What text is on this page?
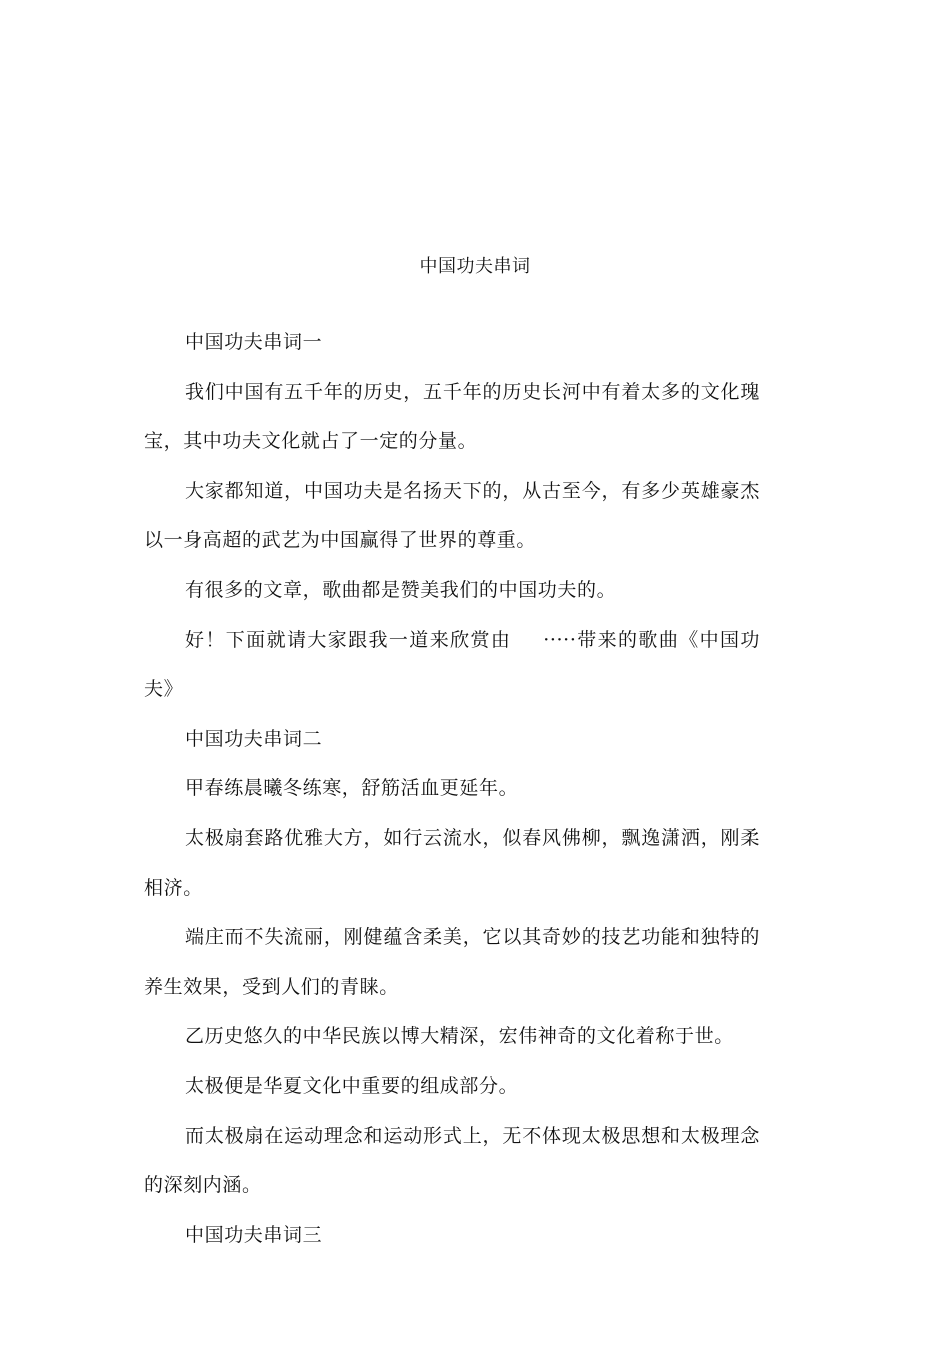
中国功夫串词

中国功夫串词一

我们中国有五千年的历史，五千年的历史长河中有着太多的文化瑰宝，其中功夫文化就占了一定的分量。

大家都知道，中国功夫是名扬天下的，从古至今，有多少英雄豪杰以一身高超的武艺为中国赢得了世界的尊重。

有很多的文章，歌曲都是赞美我们的中国功夫的。

好！下面就请大家跟我一道来欣赏由 ·····带来的歌曲《中国功夫》

中国功夫串词二

甲春练晨曦冬练寒，舒筋活血更延年。

太极扇套路优雅大方，如行云流水，似春风佛柳，飘逸潇洒，刚柔相济。

端庄而不失流丽，刚健蕴含柔美，它以其奇妙的技艺功能和独特的养生效果，受到人们的青睐。

乙历史悠久的中华民族以博大精深，宏伟神奇的文化着称于世。

太极便是华夏文化中重要的组成部分。

而太极扇在运动理念和运动形式上，无不体现太极思想和太极理念的深刻内涵。

中国功夫串词三
